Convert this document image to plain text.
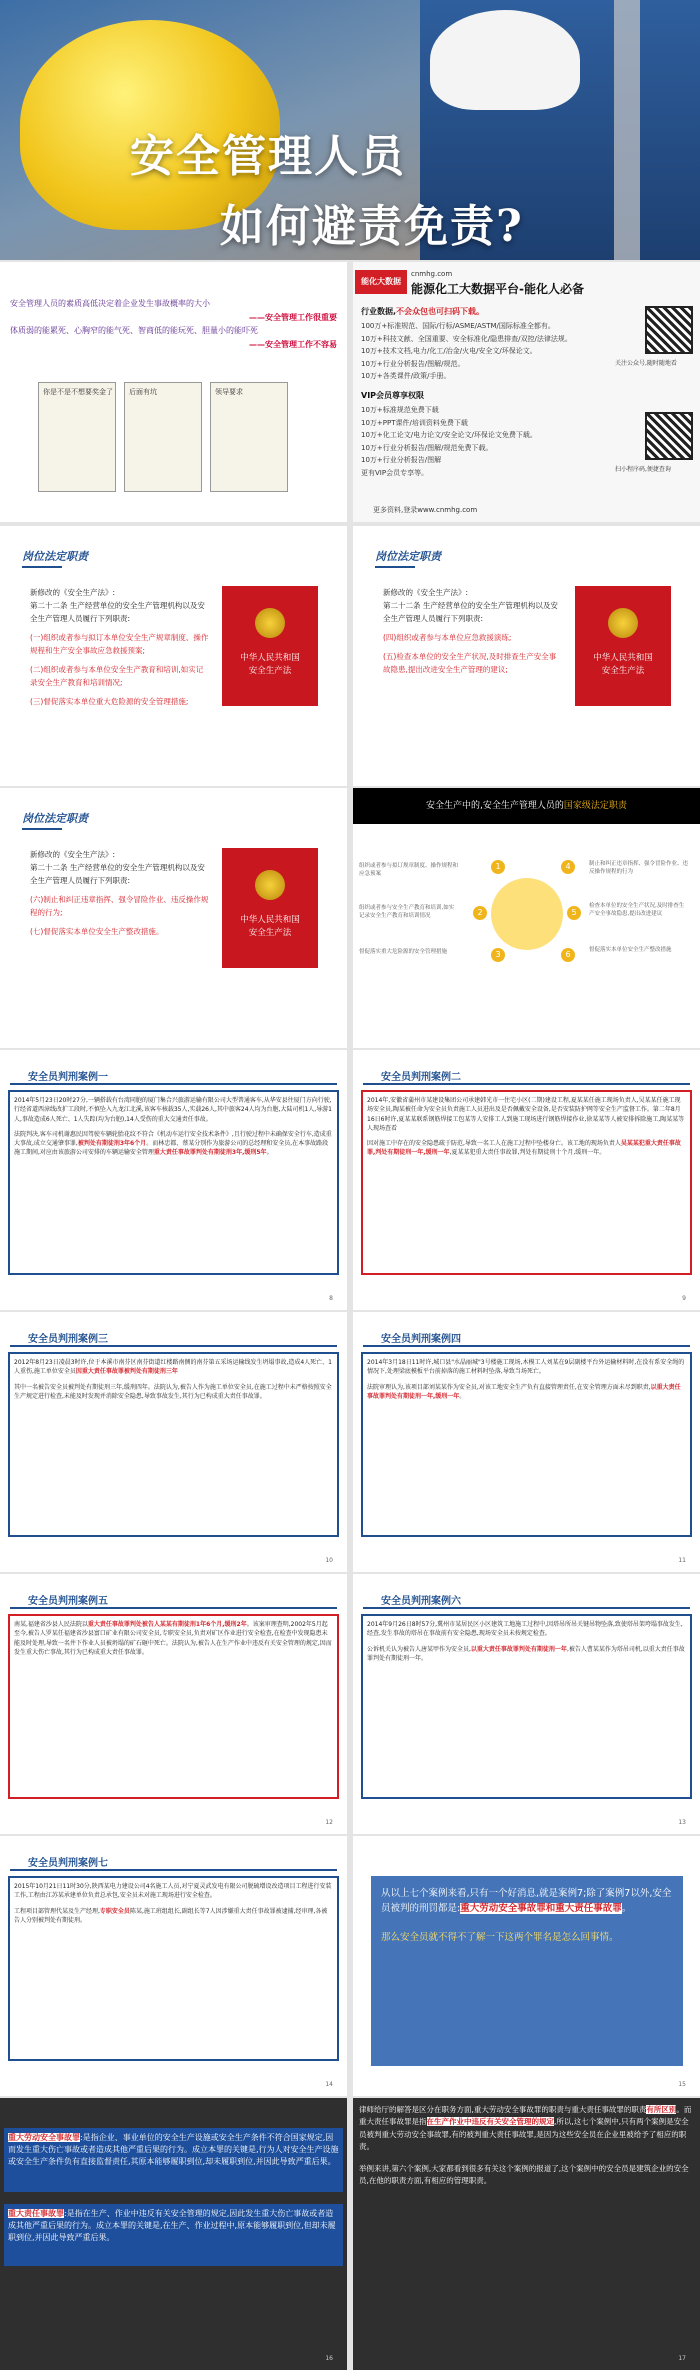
安全管理人员
如何避责免责?

安全管理人员的素质高低决定着企业发生事故概率的大小

——安全管理工作很重要

体质弱的能累死、心胸窄的能气死、智商低的能玩死、胆量小的能吓死

——安全管理工作不容易
你是不是不想要奖金了 后面有坑	领导要求
能化大数据
cnmhg.com
能源化工大数据平台-能化人必备
行业数据,不会众包也可扫码下载。
100万+标准规范、国际/行标/ASME/ASTM/国际标准全都有。
10万+科技文献、全国重要、安全标准化/隐患排查/双控/法律法规。
10万+技术文档,电力/化工/冶金/火电/安全文/环保论文。
10万+行业分析报告/图解/规范。
10万+各类课件/政策/手册。
VIP会员尊享权限
10万+标准规范免费下载
10万+PPT课件/培训资料免费下载
10万+化工论文/电力论文/安全论文/环保论文免费下载。
10万+行业分析报告/图解/规范免费下载。
10万+行业分析报告/图解
更有VIP会员专享等。
关注公众号,随时随地看
扫小程序码,便捷查询
更多资料,登录www.cnmhg.com
岗位法定职责
新修改的《安全生产法》:
第二十二条 生产经营单位的安全生产管理机构以及安全生产管理人员履行下列职责:
(一)组织或者参与拟订本单位安全生产规章制度、操作规程和生产安全事故应急救援预案;
(二)组织或者参与本单位安全生产教育和培训,如实记录安全生产教育和培训情况;
(三)督促落实本单位重大危险源的安全管理措施;
中华人民共和国
安全生产法
岗位法定职责
新修改的《安全生产法》:
第二十二条 生产经营单位的安全生产管理机构以及安全生产管理人员履行下列职责:
(四)组织或者参与本单位应急救援演练;
(五)检查本单位的安全生产状况,及时排查生产安全事故隐患,提出改进安全生产管理的建议;
中华人民共和国
安全生产法
岗位法定职责
新修改的《安全生产法》:
第二十二条 生产经营单位的安全生产管理机构以及安全生产管理人员履行下列职责:
(六)制止和纠正违章指挥、强令冒险作业、违反操作规程的行为;
(七)督促落实本单位安全生产整改措施。
中华人民共和国
安全生产法
安全生产中的,安全生产管理人员的国家级法定职责
1	4
2	5
3	6
组织或者参与拟订规章制度、操作规程和应急预案
组织或者参与安全生产教育和培训,如实记录安全生产教育和培训情况
督促落实重大危险源的安全管理措施
制止和纠正违章指挥、强令冒险作业、违反操作规程的行为
检查本单位的安全生产状况,及时排查生产安全事故隐患,提出改进建议
督促落实本单位安全生产整改措施
安全员判刑案例一
2014年5月23日20时27分,一辆搭载有台湾同胞的厦门集合兴旅游运输有限公司大型普通客车,从华安县往厦门方向行驶,行经省道西漳线改扩工段时,不慎坠入九龙江北溪,该客车核载35人,实载26人,其中旅客24人均为台胞,大陆司机1人,导游1人,事故造成6人死亡、1人失踪(均为台胞),14人受伤的重大交通责任事故。
法院判决,客车司机谢惠民因驾驶车辆轮胎花纹不符合《机动车运行安全技术条件》,且行驶过程中未确保安全行车,造成重大事故,成立交通肇事罪,被判处有期徒刑3年6个月。而林忠都、蔡某分别作为旅游公司的总经理和安全员,在本事故路段施工期间,对应由该旅游公司安排的车辆运输安全管理重大责任事故罪判处有期徒刑3年,缓刑5年。
8
安全员判刑案例二
2014年,安徽省蒲州市某建设集团公司承建韩光市一住宅小区(二期)建设工程,夏某某任施工现场负责人,吴某某任施工现场安全员,陶某被任命为安全员负责施工人员进出及是否佩戴安全设备,是否安装防护网等安全生产监督工作。第二年8月16日6时许,夏某某联系钢筋焊接工包某等人安排工人到施工现场进行钢筋焊接作业,徐某某等人被安排拆除施工,陶某某等人现场查看
因对施工中存在的安全隐患疏于防范,导致一名工人在施工过程中坠楼身亡。该工地的现场负责人吴某某犯重大责任事故罪,判处有期徒刑一年,缓刑一年,夏某某犯重大责任事故罪,判处有期徒刑十个月,缓刑一年。
9
安全员判刑案例三
2012年8月23日凌晨3时许,位于本溪市南芬区南芬街道红楼路南侧的南芬第五采场运输线发生坍塌事故,造成4人死亡、1人重伤,施工单位安全员因重大责任事故罪被判处有期徒刑三年
其中一名被告安全员被判处有期徒刑三年,缓刑四年。法院认为,被告人作为施工单位安全员,在施工过程中未严格按照安全生产规定进行检查,未能及时发现并消除安全隐患,导致事故发生,其行为已构成重大责任事故罪。
10
安全员判刑案例四
2014年3月18日11时许,城口县"水晶丽城"3号楼施工现场,木模工人刘某在9层副楼平台外运输材料时,在没有系安全绳的情况下,处理梁底模板平台前掉落的施工材料时坠落,导致当场死亡。
法院审理认为,该项目部刘某某作为安全员,对该工地安全生产负有直接管理责任,在安全管理方面未尽到职责,以重大责任事故罪判处有期徒刑一年,缓刑一年。
11
安全员判刑案例五
南某,福建省沙县人民法院以重大责任事故罪判处被告人某某有期徒刑1年6个月,缓刑2年。该案审理查明,2002年5月起至今,被告人罗某任福建省沙县富口矿业有限公司安全员,专职安全员,负责对矿区作业进行安全检查,在检查中发现隐患未能及时处理,导致一名井下作业人员被坍塌的矿石砸中死亡。法院认为,被告人在生产作业中违反有关安全管理的规定,因而发生重大伤亡事故,其行为已构成重大责任事故罪。
12
安全员判刑案例六
2014年9月26日8时57分,冀州市某居民区小区建筑工地施工过程中,因塔吊所吊关键吊物坠落,致使塔吊架垮塌事故发生,经查,发生事故的塔吊在事故前有安全隐患,现场安全员未按规定检查。
公诉机关认为被告人唐某甲作为安全员,以重大责任事故罪判处有期徒刑一年,被告人曹某某作为塔吊司机,以重大责任事故罪判处有期徒刑一年。
13
安全员判刑案例七
2015年10月21日11时30分,陕西某电力建设公司4名施工人员,对宁夏灵武发电有限公司脱硫增设改造项目工程进行安装工作,工程由江苏某承建单位负责总承包,安全员未对施工现场进行安全检查。
工程项目部管理代某及生产经理,专职安全员陈某,施工班组组长,副组长等7人因涉嫌重大责任事故罪被逮捕,经审理,各被告人分别被判处有期徒刑。
14
从以上七个案例来看,只有一个好消息,就是案例7;除了案例7以外,安全员被判的刑罚都是:重大劳动安全事故罪和重大责任事故罪。
那么安全员就不得不了解一下这两个罪名是怎么回事情。
15
重大劳动安全事故罪:是指企业、事业单位的安全生产设施或安全生产条件不符合国家规定,因而发生重大伤亡事故或者造成其他严重后果的行为。成立本罪的关键是,行为人对安全生产设施或安全生产条件负有直接监督责任,其原本能够履职到位,却未履职到位,并因此导致严重后果。
重大责任事故罪:是指在生产、作业中违反有关安全管理的规定,因此发生重大伤亡事故或者造成其他严重后果的行为。成立本罪的关键是,在生产、作业过程中,原本能够履职到位,但却未履职到位,并因此导致严重后果。
16
律师给厅的解答是区分在职务方面,重大劳动安全事故罪的职责与重大责任事故罪的职责有所区别。而重大责任事故罪是指在生产作业中违反有关安全管理的规定,所以,这七个案例中,只有两个案例是安全员被判重大劳动安全事故罪,有的被判重大责任事故罪,是因为这些安全员在企业里被给予了相应的职责。
举例来讲,第六个案例,大家都看到很多有关这个案例的报道了,这个案例中的安全员是建筑企业的安全员,在他的职责方面,有相应的管理职责。
17
